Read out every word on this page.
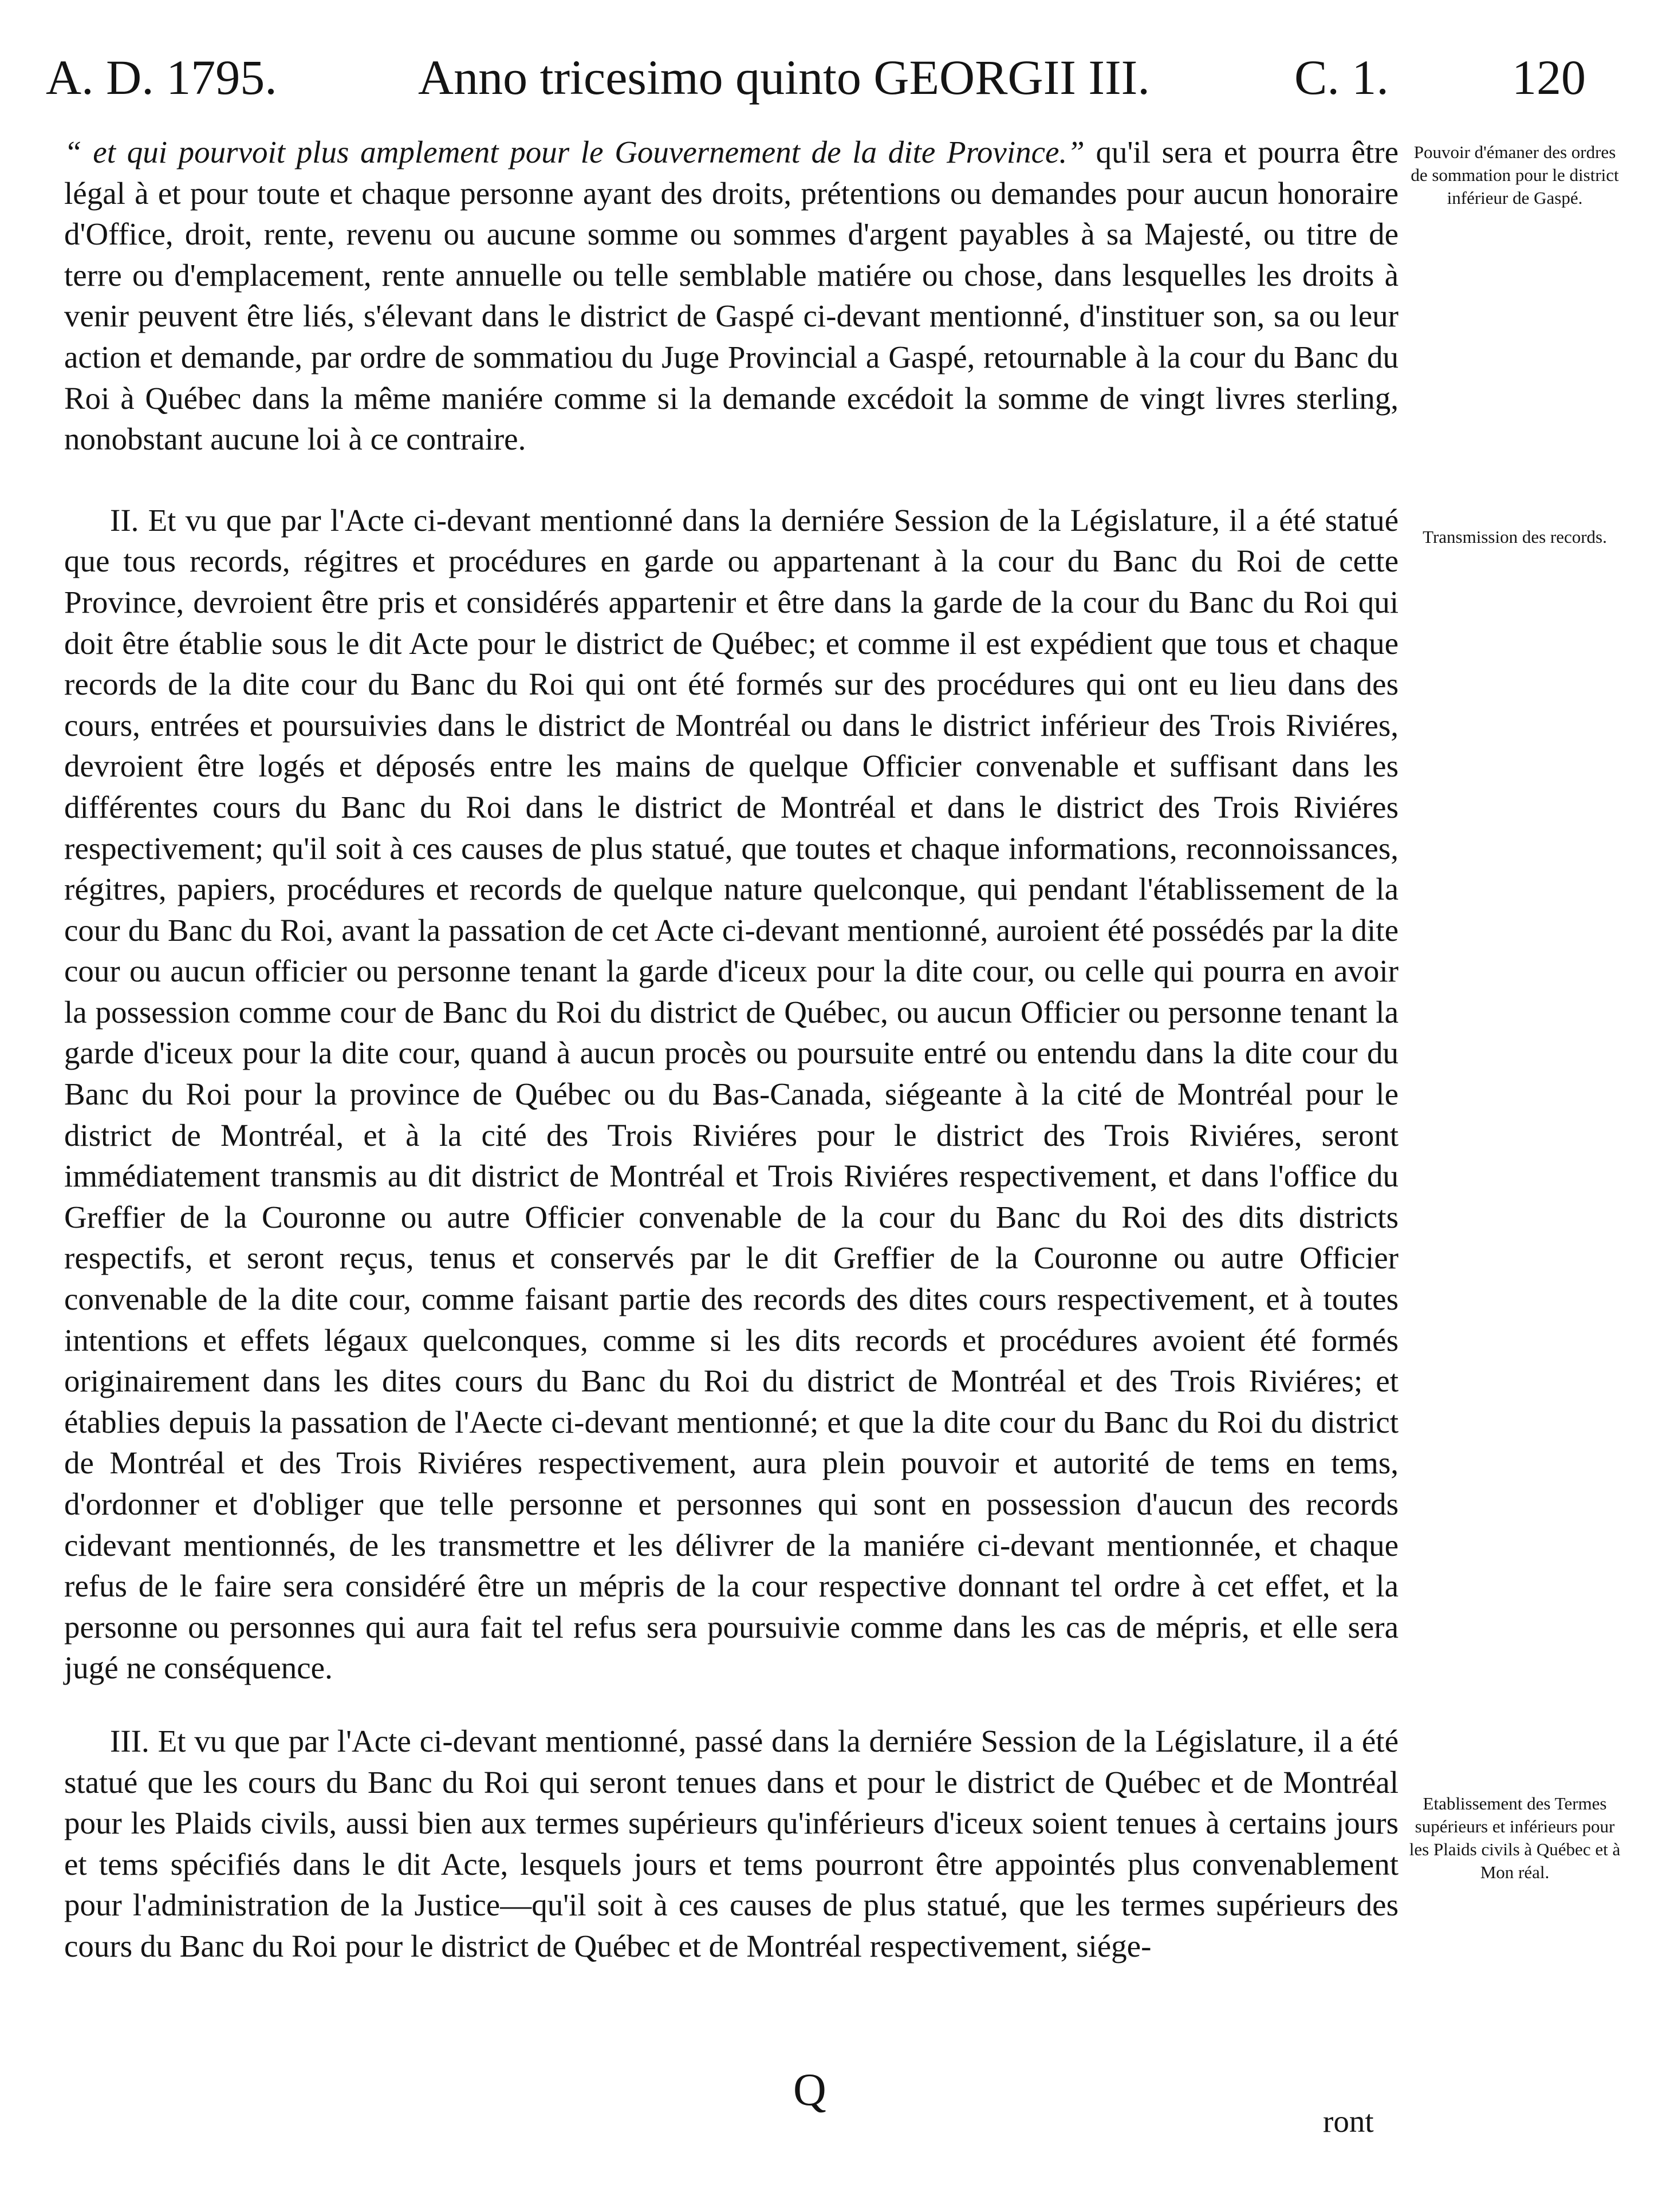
A. D. 1795.	Anno tricesimo quinto GEORGII III.	C. 1.	120

“ et qui pourvoit plus amplement pour le Gouvernement de la dite Province.” qu'il sera et pourra être légal à et pour toute et chaque personne ayant des droits, prétentions ou demandes pour aucun honoraire d'Office, droit, rente, revenu ou aucune somme ou sommes d'argent payables à sa Majesté, ou titre de terre ou d'emplacement, rente annuelle ou telle semblable matiére ou chose, dans lesquelles les droits à venir peuvent être liés, s'élevant dans le district de Gaspé ci-devant mentionné, d'instituer son, sa ou leur action et demande, par ordre de sommatiou du Juge Provincial a Gaspé, retournable à la cour du Banc du Roi à Québec dans la même maniére comme si la demande excédoit la somme de vingt livres sterling, nonobstant aucune loi à ce contraire.

II. Et vu que par l'Acte ci-devant mentionné dans la derniére Session de la Législature, il a été statué que tous records, régitres et procédures en garde ou appartenant à la cour du Banc du Roi de cette Province, devroient être pris et considérés appartenir et être dans la garde de la cour du Banc du Roi qui doit être établie sous le dit Acte pour le district de Québec; et comme il est expédient que tous et chaque records de la dite cour du Banc du Roi qui ont été formés sur des procédures qui ont eu lieu dans des cours, entrées et poursuivies dans le district de Montréal ou dans le district inférieur des Trois Riviéres, devroient être logés et déposés entre les mains de quelque Officier convenable et suffisant dans les différentes cours du Banc du Roi dans le district de Montréal et dans le district des Trois Riviéres respectivement; qu'il soit à ces causes de plus statué, que toutes et chaque informations, reconnoissances, régitres, papiers, procédures et records de quelque nature quelconque, qui pendant l'établissement de la cour du Banc du Roi, avant la passation de cet Acte ci-devant mentionné, auroient été possédés par la dite cour ou aucun officier ou personne tenant la garde d'iceux pour la dite cour, ou celle qui pourra en avoir la possession comme cour de Banc du Roi du district de Québec, ou aucun Officier ou personne tenant la garde d'iceux pour la dite cour, quand à aucun procès ou poursuite entré ou entendu dans la dite cour du Banc du Roi pour la province de Québec ou du Bas-Canada, siégeante à la cité de Montréal pour le district de Montréal, et à la cité des Trois Riviéres pour le district des Trois Riviéres, seront immédiatement transmis au dit district de Montréal et Trois Riviéres respectivement, et dans l'office du Greffier de la Couronne ou autre Officier convenable de la cour du Banc du Roi des dits districts respectifs, et seront reçus, tenus et conservés par le dit Greffier de la Couronne ou autre Officier convenable de la dite cour, comme faisant partie des records des dites cours respectivement, et à toutes intentions et effets légaux quelconques, comme si les dits records et procédures avoient été formés originairement dans les dites cours du Banc du Roi du district de Montréal et des Trois Riviéres; et établies depuis la passation de l'Aecte ci-devant mentionné; et que la dite cour du Banc du Roi du district de Montréal et des Trois Riviéres respectivement, aura plein pouvoir et autorité de tems en tems, d'ordonner et d'obliger que telle personne et personnes qui sont en possession d'aucun des records cidevant mentionnés, de les transmettre et les délivrer de la maniére ci-devant mentionnée, et chaque refus de le faire sera considéré être un mépris de la cour respective donnant tel ordre à cet effet, et la personne ou personnes qui aura fait tel refus sera poursuivie comme dans les cas de mépris, et elle sera jugé ne conséquence.

III. Et vu que par l'Acte ci-devant mentionné, passé dans la derniére Session de la Législature, il a été statué que les cours du Banc du Roi qui seront tenues dans et pour le district de Québec et de Montréal pour les Plaids civils, aussi bien aux termes supérieurs qu'inférieurs d'iceux soient tenues à certains jours et tems spécifiés dans le dit Acte, lesquels jours et tems pourront être appointés plus convenablement pour l'administration de la Justice—qu'il soit à ces causes de plus statué, que les termes supérieurs des cours du Banc du Roi pour le district de Québec et de Montréal respectivement, siége-

Pouvoir d'émaner des ordres de sommation pour le district inférieur de Gaspé.
Transmission des records.
Etablissement des Termes supérieurs et inférieurs pour les Plaids civils à Québec et à Mon réal.
Q
ront
